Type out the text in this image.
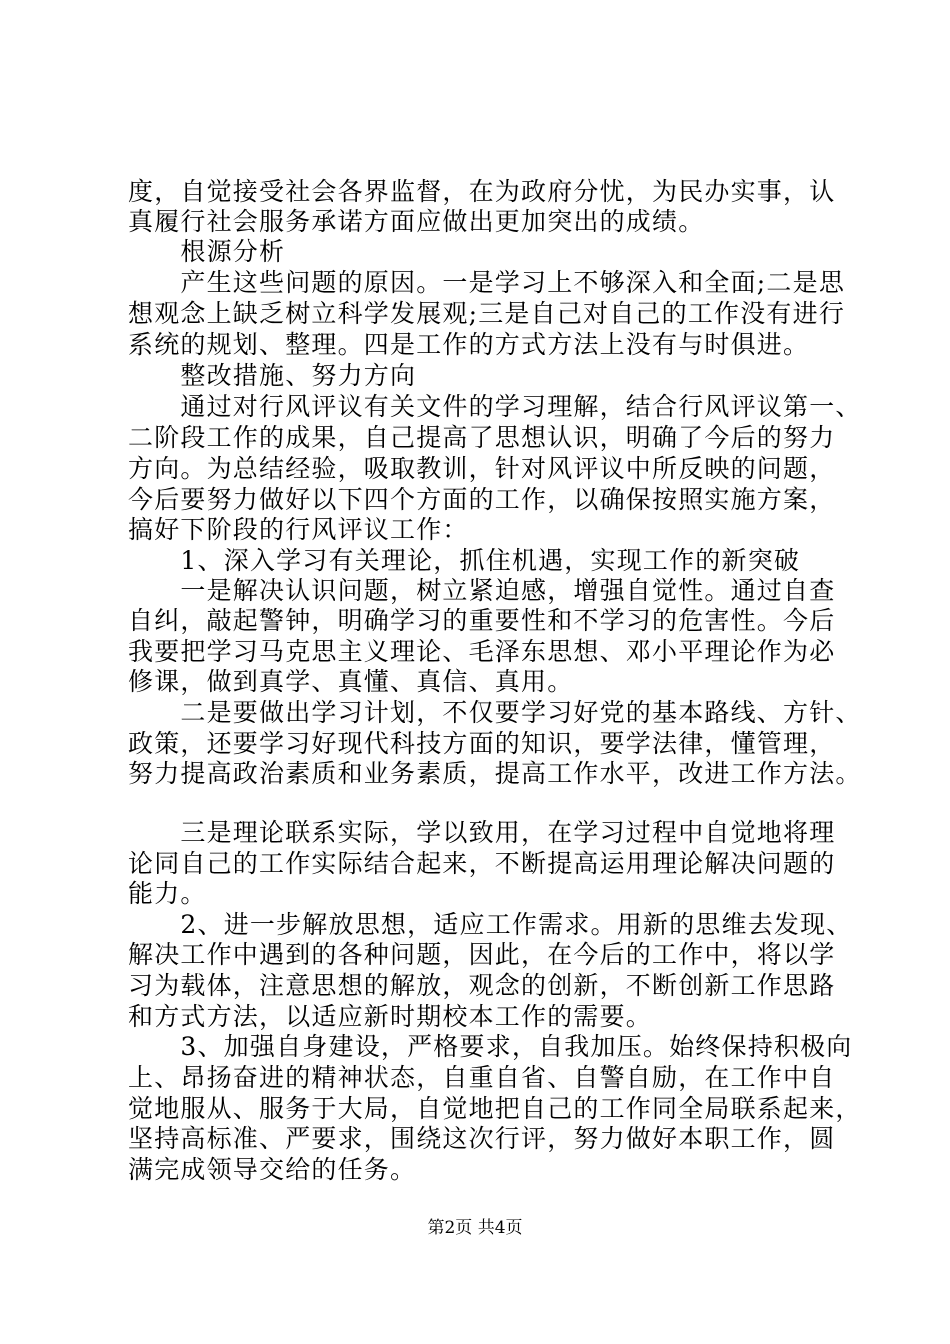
度，自觉接受社会各界监督，在为政府分忧，为民办实事，认
真履行社会服务承诺方面应做出更加突出的成绩。
　　根源分析
　　产生这些问题的原因。一是学习上不够深入和全面;二是思
想观念上缺乏树立科学发展观;三是自己对自己的工作没有进行
系统的规划、整理。四是工作的方式方法上没有与时俱进。
　　整改措施、努力方向
　　通过对行风评议有关文件的学习理解，结合行风评议第一、
二阶段工作的成果，自己提高了思想认识，明确了今后的努力
方向。为总结经验，吸取教训，针对风评议中所反映的问题，
今后要努力做好以下四个方面的工作，以确保按照实施方案，
搞好下阶段的行风评议工作：
　　1、深入学习有关理论，抓住机遇，实现工作的新突破
　　一是解决认识问题，树立紧迫感，增强自觉性。通过自查
自纠，敲起警钟，明确学习的重要性和不学习的危害性。今后
我要把学习马克思主义理论、毛泽东思想、邓小平理论作为必
修课，做到真学、真懂、真信、真用。
　　二是要做出学习计划，不仅要学习好党的基本路线、方针、
政策，还要学习好现代科技方面的知识，要学法律，懂管理，
努力提高政治素质和业务素质，提高工作水平，改进工作方法。
　　三是理论联系实际，学以致用，在学习过程中自觉地将理
论同自己的工作实际结合起来，不断提高运用理论解决问题的
能力。
　　2、进一步解放思想，适应工作需求。用新的思维去发现、
解决工作中遇到的各种问题，因此，在今后的工作中，将以学
习为载体，注意思想的解放，观念的创新，不断创新工作思路
和方式方法，以适应新时期校本工作的需要。
　　3、加强自身建设，严格要求，自我加压。始终保持积极向
上、昂扬奋进的精神状态，自重自省、自警自励，在工作中自
觉地服从、服务于大局，自觉地把自己的工作同全局联系起来，
坚持高标准、严要求，围绕这次行评，努力做好本职工作，圆
满完成领导交给的任务。
第2页 共4页
